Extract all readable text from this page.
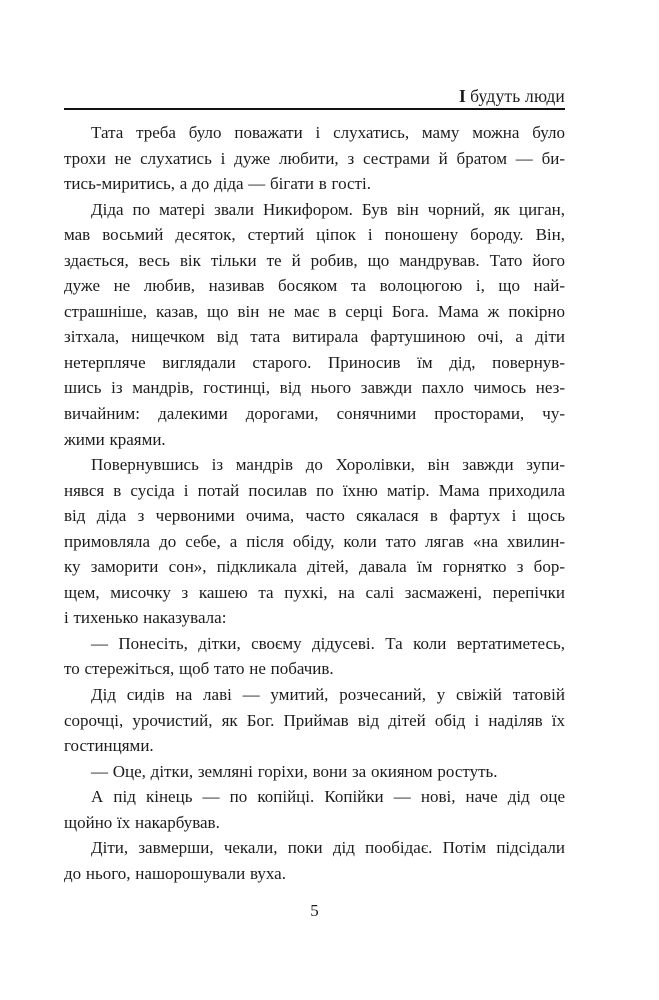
І будуть люди

Тата треба було поважати і слухатись, маму можна було
трохи не слухатись і дуже любити, з сестрами й братом — би-
тись-миритись, а до діда — бігати в гості.

Діда по матері звали Никифором. Був він чорний, як циган,
мав восьмий десяток, стертий ціпок і поношену бороду. Він,
здається, весь вік тільки те й робив, що мандрував. Тато його
дуже не любив, називав босяком та волоцюгою і, що най-
страшніше, казав, що він не має в серці Бога. Мама ж покірно
зітхала, нищечком від тата витирала фартушиною очі, а діти
нетерпляче виглядали старого. Приносив їм дід, повернув-
шись із мандрів, гостинці, від нього завжди пахло чимось нез-
вичайним: далекими дорогами, сонячними просторами, чу-
жими краями.

Повернувшись із мандрів до Хоролівки, він завжди зупи-
нявся в сусіда і потай посилав по їхню матір. Мама приходила
від діда з червоними очима, часто сякалася в фартух і щось
примовляла до себе, а після обіду, коли тато лягав «на хвилин-
ку заморити сон», підкликала дітей, давала їм горнятко з бор-
щем, мисочку з кашею та пухкі, на салі засмажені, перепічки
і тихенько наказувала:

— Понесіть, дітки, своєму дідусеві. Та коли вертатиметесь,
то стережіться, щоб тато не побачив.

Дід сидів на лаві — умитий, розчесаний, у свіжій татовій
сорочці, урочистий, як Бог. Приймав від дітей обід і наділяв їх
гостинцями.

— Оце, дітки, земляні горіхи, вони за окияном ростуть.

А під кінець — по копійці. Копійки — нові, наче дід оце
щойно їх накарбував.

Діти, завмерши, чекали, поки дід пообідає. Потім підсідали
до нього, нашорошували вуха.

5
